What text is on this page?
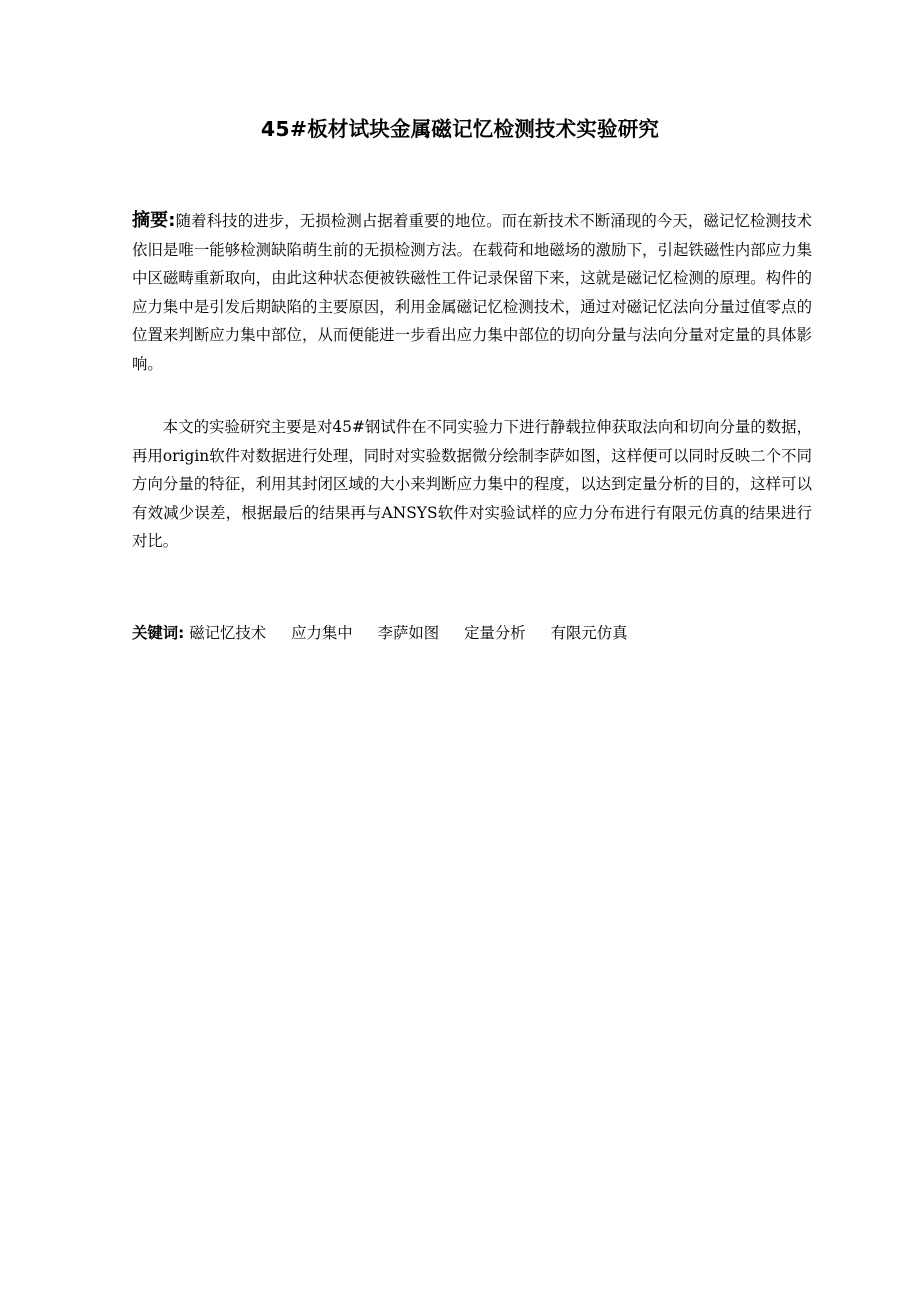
45#板材试块金属磁记忆检测技术实验研究
摘要:随着科技的进步，无损检测占据着重要的地位。而在新技术不断涌现的今天，磁记忆检测技术依旧是唯一能够检测缺陷萌生前的无损检测方法。在载荷和地磁场的激励下，引起铁磁性内部应力集中区磁畴重新取向，由此这种状态便被铁磁性工件记录保留下来，这就是磁记忆检测的原理。构件的应力集中是引发后期缺陷的主要原因，利用金属磁记忆检测技术，通过对磁记忆法向分量过值零点的位置来判断应力集中部位，从而便能进一步看出应力集中部位的切向分量与法向分量对定量的具体影响。
本文的实验研究主要是对45#钢试件在不同实验力下进行静载拉伸获取法向和切向分量的数据，再用origin软件对数据进行处理，同时对实验数据微分绘制李萨如图，这样便可以同时反映二个不同方向分量的特征，利用其封闭区域的大小来判断应力集中的程度，以达到定量分析的目的，这样可以有效减少误差，根据最后的结果再与ANSYS软件对实验试样的应力分布进行有限元仿真的结果进行对比。
关键词: 磁记忆技术 应力集中 李萨如图 定量分析 有限元仿真
